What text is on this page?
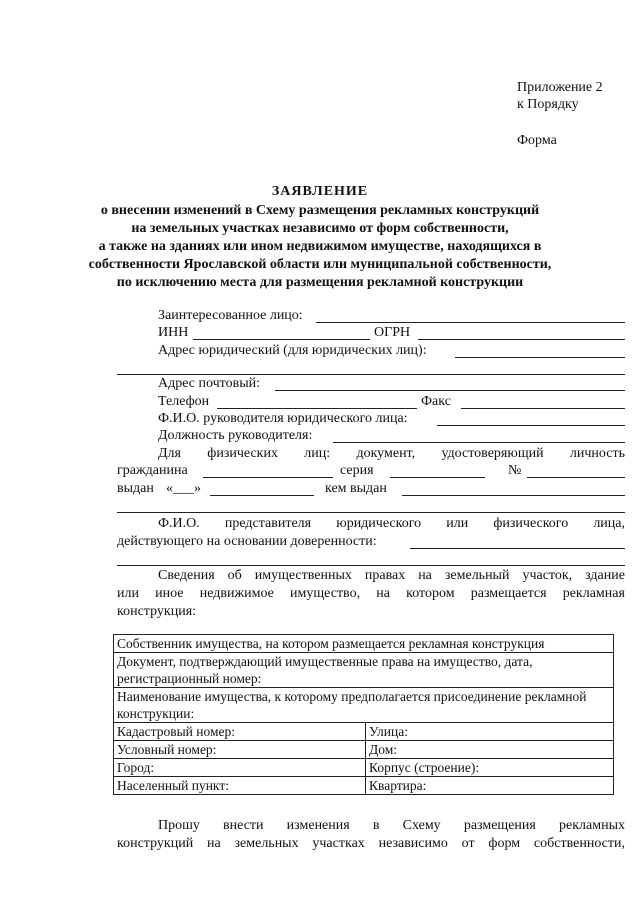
Приложение 2
к Порядку
Форма
ЗАЯВЛЕНИЕ
о внесении изменений в Схему размещения рекламных конструкций
на земельных участках независимо от форм собственности,
а также на зданиях или ином недвижимом имуществе, находящихся в
собственности Ярославской области или муниципальной собственности,
по исключению места для размещения рекламной конструкции
Заинтересованное лицо:
ИНН	ОГРН
Адрес юридический (для юридических лиц):
Адрес почтовый:
Телефон	Факс
Ф.И.О. руководителя юридического лица:
Должность руководителя:
Для физических лиц: документ, удостоверяющий личность
гражданина	серия	№
выдан «___»	кем выдан
Ф.И.О. представителя юридического или физического лица,
действующего на основании доверенности:
Сведения об имущественных правах на земельный участок, здание
или иное недвижимое имущество, на котором размещается рекламная
конструкция:
Собственник имущества, на котором размещается рекламная конструкция	
Документ, подтверждающий имущественные права на имущество, дата, регистрационный номер:	
Наименование имущества, к которому предполагается присоединение рекламной конструкции:	
Кадастровый номер:	Улица:
Условный номер:	Дом:
Город:	Корпус (строение):
Населенный пункт:	Квартира:
Прошу внести изменения в Схему размещения рекламных
конструкций на земельных участках независимо от форм собственности,
